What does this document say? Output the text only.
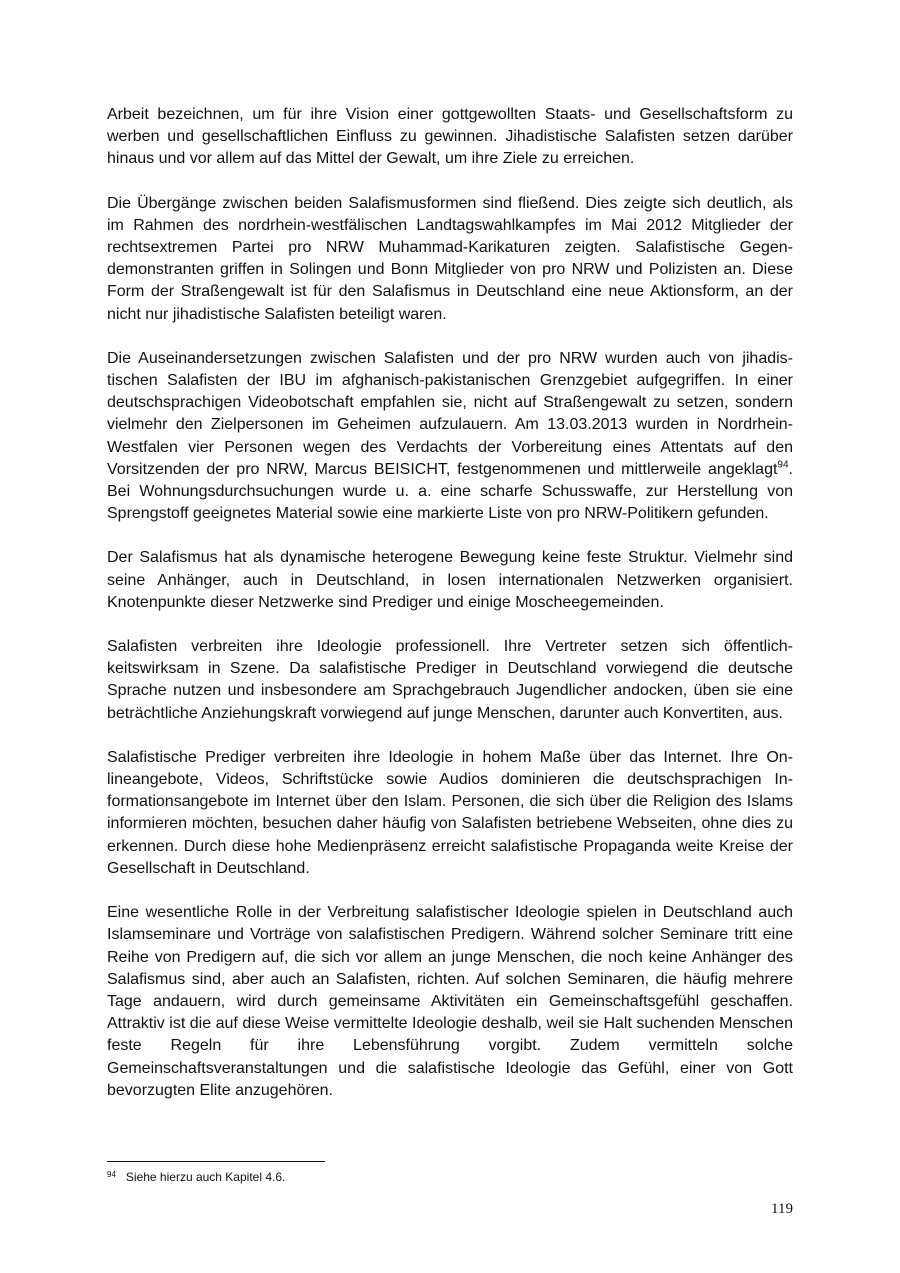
Arbeit bezeichnen, um für ihre Vision einer gottgewollten Staats- und Gesellschaftsform zu werben und gesellschaftlichen Einfluss zu gewinnen. Jihadistische Salafisten setzen darüber hinaus und vor allem auf das Mittel der Gewalt, um ihre Ziele zu erreichen.

Die Übergänge zwischen beiden Salafismusformen sind fließend. Dies zeigte sich deutlich, als im Rahmen des nordrhein-westfälischen Landtagswahlkampfes im Mai 2012 Mitglieder der rechtsextremen Partei pro NRW Muhammad-Karikaturen zeigten. Salafistische Gegendemonstranten griffen in Solingen und Bonn Mitglieder von pro NRW und Polizisten an. Diese Form der Straßengewalt ist für den Salafismus in Deutschland eine neue Aktionsform, an der nicht nur jihadistische Salafisten beteiligt waren.

Die Auseinandersetzungen zwischen Salafisten und der pro NRW wurden auch von jihadistischen Salafisten der IBU im afghanisch-pakistanischen Grenzgebiet aufgegriffen. In einer deutschsprachigen Videobotschaft empfahlen sie, nicht auf Straßengewalt zu setzen, sondern vielmehr den Zielpersonen im Geheimen aufzulauern. Am 13.03.2013 wurden in Nordrhein-Westfalen vier Personen wegen des Verdachts der Vorbereitung eines Attentats auf den Vorsitzenden der pro NRW, Marcus BEISICHT, festgenommenen und mittlerweile angeklagt$^{94}$. Bei Wohnungsdurchsuchungen wurde u. a. eine scharfe Schusswaffe, zur Herstellung von Sprengstoff geeignetes Material sowie eine markierte Liste von pro NRW-Politikern gefunden.

Der Salafismus hat als dynamische heterogene Bewegung keine feste Struktur. Vielmehr sind seine Anhänger, auch in Deutschland, in losen internationalen Netzwerken organisiert. Knotenpunkte dieser Netzwerke sind Prediger und einige Moscheegemeinden.

Salafisten verbreiten ihre Ideologie professionell. Ihre Vertreter setzen sich öffentlichkeitswirksam in Szene. Da salafistische Prediger in Deutschland vorwiegend die deutsche Sprache nutzen und insbesondere am Sprachgebrauch Jugendlicher andocken, üben sie eine beträchtliche Anziehungskraft vorwiegend auf junge Menschen, darunter auch Konvertiten, aus.

Salafistische Prediger verbreiten ihre Ideologie in hohem Maße über das Internet. Ihre Onlineangebote, Videos, Schriftstücke sowie Audios dominieren die deutschsprachigen Informationsangebote im Internet über den Islam. Personen, die sich über die Religion des Islams informieren möchten, besuchen daher häufig von Salafisten betriebene Webseiten, ohne dies zu erkennen. Durch diese hohe Medienpräsenz erreicht salafistische Propaganda weite Kreise der Gesellschaft in Deutschland.

Eine wesentliche Rolle in der Verbreitung salafistischer Ideologie spielen in Deutschland auch Islamseminare und Vorträge von salafistischen Predigern. Während solcher Seminare tritt eine Reihe von Predigern auf, die sich vor allem an junge Menschen, die noch keine Anhänger des Salafismus sind, aber auch an Salafisten, richten. Auf solchen Seminaren, die häufig mehrere Tage andauern, wird durch gemeinsame Aktivitäten ein Gemeinschaftsgefühl geschaffen. Attraktiv ist die auf diese Weise vermittelte Ideologie deshalb, weil sie Halt suchenden Menschen feste Regeln für ihre Lebensführung vorgibt. Zudem vermitteln solche Gemeinschaftsveranstaltungen und die salafistische Ideologie das Gefühl, einer von Gott bevorzugten Elite anzugehören.

$^{94}$ Siehe hierzu auch Kapitel 4.6.
119
